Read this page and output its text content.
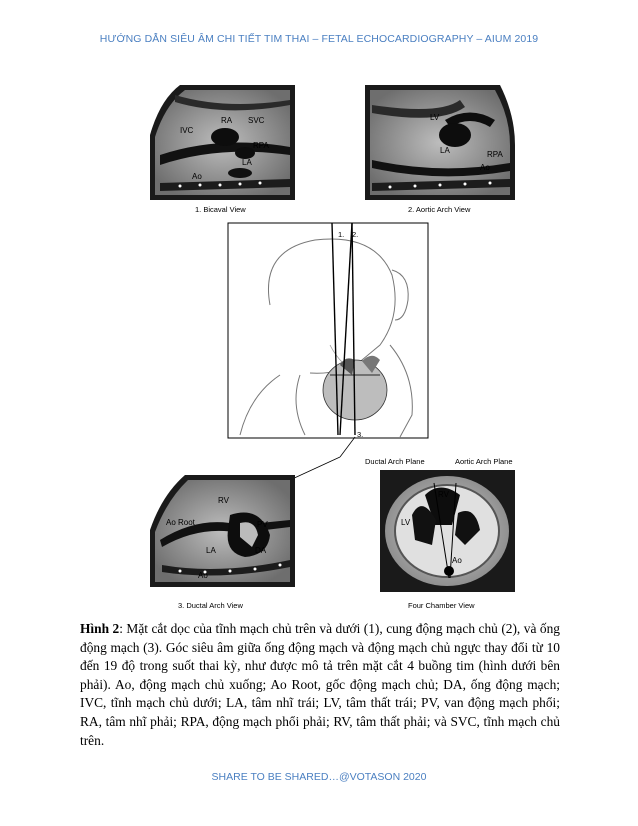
HƯỚNG DẪN SIÊU ÂM CHI TIẾT TIM THAI – FETAL ECHOCARDIOGRAPHY – AIUM 2019
RA SVC
IVC
RPA
LA
Ao
1. Bicaval View
LV
LA	RPA
Ao
2. Aortic Arch View
1. 2.
3.
Ductal Arch Plane	Aortic Arch Plane
RV
Ao Root	PV
LA	DA
Ao
3. Ductal Arch View
RV
LV
Ao
Four Chamber View
Hình 2: Mặt cắt dọc của tĩnh mạch chủ trên và dưới (1), cung động mạch chủ (2), và ống động mạch (3). Góc siêu âm giữa ống động mạch và động mạch chủ ngực thay đổi từ 10 đến 19 độ trong suốt thai kỳ, như được mô tả trên mặt cắt 4 buồng tim (hình dưới bên phải). Ao, động mạch chủ xuống; Ao Root, gốc động mạch chủ; DA, ống động mạch; IVC, tĩnh mạch chủ dưới; LA, tâm nhĩ trái; LV, tâm thất trái; PV, van động mạch phổi; RA, tâm nhĩ phải; RPA, động mạch phổi phải; RV, tâm thất phải; và SVC, tĩnh mạch chủ trên.
SHARE TO BE SHARED…@VOTASON 2020
